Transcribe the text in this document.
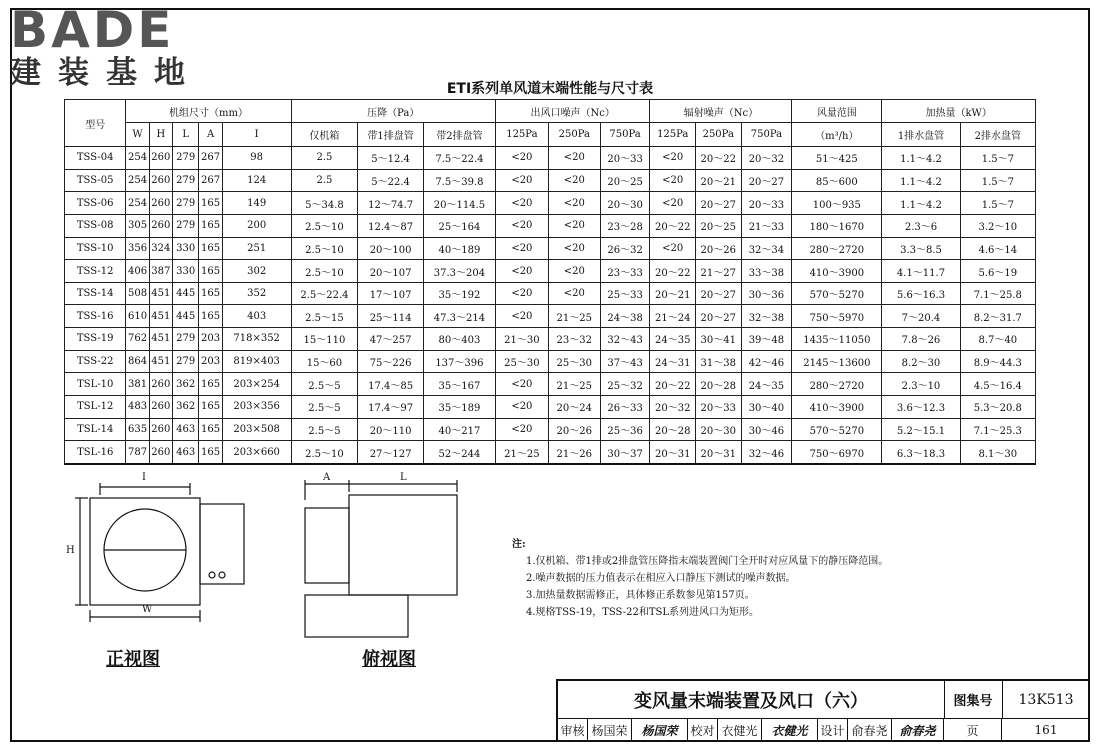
BADE
建装基地	ETI系列单风道末端性能与尺寸表
型号	机组尺寸（mm）					压降（Pa）			出风口噪声（Nc）			辐射噪声（Nc）			风量范围	加热量（kW）	
	W	H	L	A	I	仅机箱	带1排盘管	带2排盘管	125Pa	250Pa	750Pa	125Pa	250Pa	750Pa	（m³/h）	1排水盘管	2排水盘管
TSS-04	254	260	279	267	98	2.5	5～12.4	7.5～22.4	<20	<20	20～33	<20	20～22	20～32	51～425	1.1～4.2	1.5～7
TSS-05	254	260	279	267	124	2.5	5～22.4	7.5～39.8	<20	<20	20～25	<20	20～21	20～27	85～600	1.1～4.2	1.5～7
TSS-06	254	260	279	165	149	5～34.8	12～74.7	20～114.5	<20	<20	20～30	<20	20～27	20～33	100～935	1.1～4.2	1.5～7
TSS-08	305	260	279	165	200	2.5～10	12.4～87	25～164	<20	<20	23～28	20～22	20～25	21～33	180～1670	2.3～6	3.2～10
TSS-10	356	324	330	165	251	2.5～10	20～100	40～189	<20	<20	26～32	<20	20～26	32～34	280～2720	3.3～8.5	4.6～14
TSS-12	406	387	330	165	302	2.5～10	20～107	37.3～204	<20	<20	23～33	20～22	21～27	33～38	410～3900	4.1～11.7	5.6～19
TSS-14	508	451	445	165	352	2.5～22.4	17～107	35～192	<20	<20	25～33	20～21	20～27	30～36	570～5270	5.6～16.3	7.1～25.8
TSS-16	610	451	445	165	403	2.5～15	25～114	47.3～214	<20	21～25	24～38	21～24	20～27	32～38	750～5970	7～20.4	8.2～31.7
TSS-19	762	451	279	203	718×352	15～110	47～257	80～403	21～30	23～32	32～43	24～35	30～41	39～48	1435～11050	7.8～26	8.7～40
TSS-22	864	451	279	203	819×403	15～60	75～226	137～396	25～30	25～30	37～43	24～31	31～38	42～46	2145～13600	8.2～30	8.9～44.3
TSL-10	381	260	362	165	203×254	2.5～5	17.4～85	35～167	<20	21～25	25～32	20～22	20～28	24～35	280～2720	2.3～10	4.5～16.4
TSL-12	483	260	362	165	203×356	2.5～5	17.4～97	35～189	<20	20～24	26～33	20～32	20～33	30～40	410～3900	3.6～12.3	5.3～20.8
TSL-14	635	260	463	165	203×508	2.5～5	20～110	40～217	<20	20～26	25～36	20～28	20～30	30～46	570～5270	5.2～15.1	7.1～25.3
TSL-16	787	260	463	165	203×660	2.5～10	27～127	52～244	21～25	21～26	30～37	20～31	20～31	32～46	750～6970	6.3～18.3	8.1～30
I
H
W
A	L
正视图	俯视图
注:
1.仅机箱、带1排或2排盘管压降指末端装置阀门全开时对应风量下的静压降范围。
2.噪声数据的压力值表示在相应入口静压下测试的噪声数据。
3.加热量数据需修正，具体修正系数参见第157页。
4.规格TSS-19，TSS-22和TSL系列进风口为矩形。
变风量末端装置及风口（六）	图集号	13K513
审核 杨国荣	杨国荣	校对 衣健光	衣健光	设计 俞春尧 俞春尧	页	161
